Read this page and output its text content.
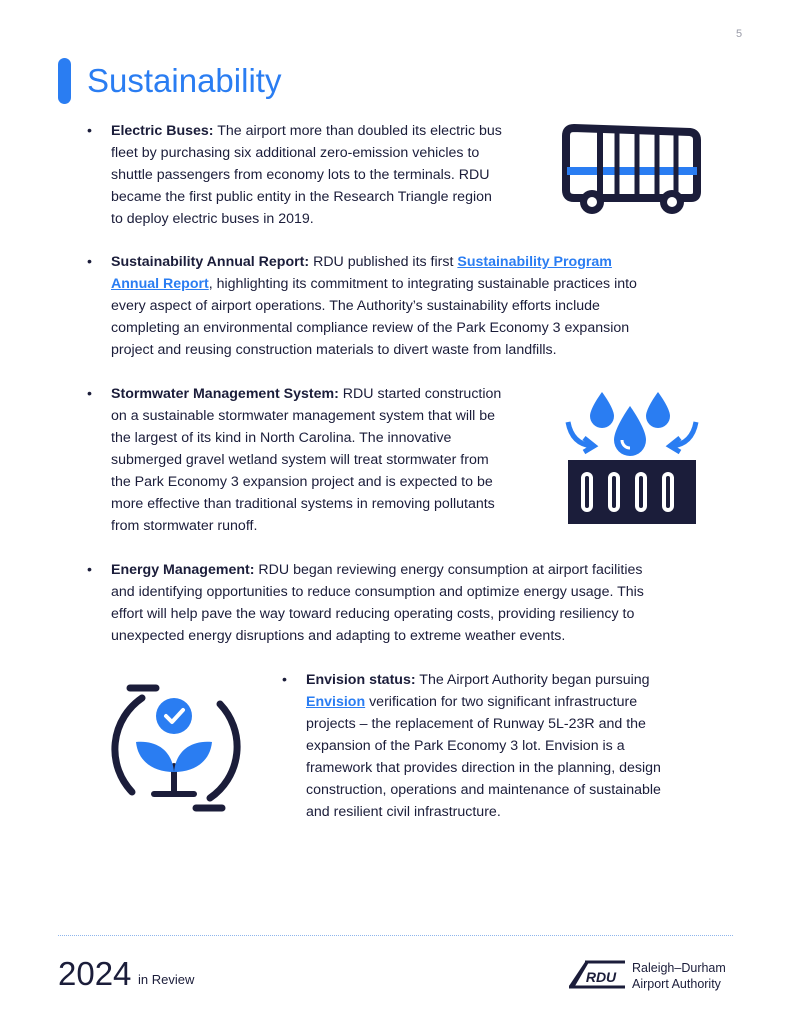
5
Sustainability
• Electric Buses: The airport more than doubled its electric bus
fleet by purchasing six additional zero-emission vehicles to
shuttle passengers from economy lots to the terminals. RDU
became the first public entity in the Research Triangle region
to deploy electric buses in 2019.
• Sustainability Annual Report: RDU published its first Sustainability Program
Annual Report, highlighting its commitment to integrating sustainable practices into
every aspect of airport operations. The Authority’s sustainability efforts include
completing an environmental compliance review of the Park Economy 3 expansion
project and reusing construction materials to divert waste from landfills.
• Stormwater Management System: RDU started construction
on a sustainable stormwater management system that will be
the largest of its kind in North Carolina. The innovative
submerged gravel wetland system will treat stormwater from
the Park Economy 3 expansion project and is expected to be
more effective than traditional systems in removing pollutants
from stormwater runoff.
• Energy Management: RDU began reviewing energy consumption at airport facilities
and identifying opportunities to reduce consumption and optimize energy usage. This
effort will help pave the way toward reducing operating costs, providing resiliency to
unexpected energy disruptions and adapting to extreme weather events.
• Envision status: The Airport Authority began pursuing
Envision verification for two significant infrastructure
projects – the replacement of Runway 5L-23R and the
expansion of the Park Economy 3 lot. Envision is a
framework that provides direction in the planning, design
construction, operations and maintenance of sustainable
and resilient civil infrastructure.
2024 in Review	RDU
Raleigh–Durham
Airport Authority
